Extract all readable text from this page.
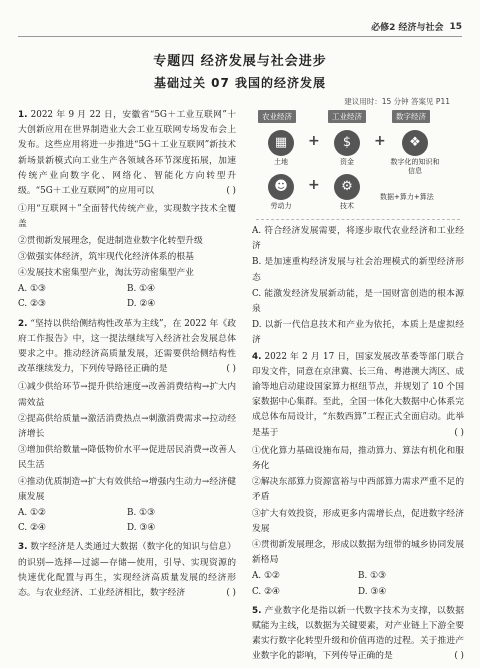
必修2 经济与社会 15
专题四 经济发展与社会进步
基础过关 07 我国的经济发展
建议用时：15 分钟 答案见 P11
1. 2022 年 9 月 22 日，安徽省“5G＋工业互联网”十大创新应用在世界制造业大会工业互联网专场发布会上发布。这些应用将进一步推进“5G＋工业互联网”新技术新场景新模式向工业生产各领域各环节深度拓展，加速传统产业向数字化、网络化、智能化方向转型升级。“5G＋工业互联网”的应用可以	( )
①用“互联网＋”全面替代传统产业，实现数字技术全覆盖
②贯彻新发展理念，促进制造业数字化转型升级
③做强实体经济，筑牢现代化经济体系的根基
④发展技术密集型产业，淘汰劳动密集型产业
A. ①③	B. ①④
C. ②③	D. ②④
2. “坚持以供给侧结构性改革为主线”，在 2022 年《政府工作报告》中，这一提法继续写入经济社会发展总体要求之中。推动经济高质量发展，还需要供给侧结构性改革继续发力，下列传导路径正确的是	( )
①减少供给环节→提升供给速度→改善消费结构→扩大内需效益
②提高供给质量→激活消费热点→刺激消费需求→拉动经济增长
③增加供给数量→降低物价水平→促进居民消费→改善人民生活
④推动优质制造→扩大有效供给→增强内生动力→经济健康发展
A. ①②	B. ①③
C. ②④	D. ③④
3. 数字经济是人类通过大数据（数字化的知识与信息）的识别—选择—过滤—存储—使用，引导、实现资源的快速优化配置与再生，实现经济高质量发展的经济形态。与农业经济、工业经济相比，数字经济	( )
农业经济	工业经济	数字经济
▦
土地
+	$
资金
+	❖
数字化的知识和信息
☻
劳动力
+	⚙
技术
数据+算力+算法
A. 符合经济发展需要，将逐步取代农业经济和工业经济
B. 是加速重构经济发展与社会治理模式的新型经济形态
C. 能激发经济发展新动能，是一国财富创造的根本源泉
D. 以新一代信息技术和产业为依托，本质上是虚拟经济
4. 2022 年 2 月 17 日，国家发展改革委等部门联合印发文件，同意在京津冀、长三角、粤港澳大湾区、成渝等地启动建设国家算力枢纽节点，并规划了 10 个国家数据中心集群。至此，全国一体化大数据中心体系完成总体布局设计，“东数西算”工程正式全面启动。此举是基于	( )
①优化算力基础设施布局，推动算力、算法有机化和服务化
②解决东部算力资源富裕与中西部算力需求严重不足的矛盾
③扩大有效投资，形成更多内需增长点，促进数字经济发展
④贯彻新发展理念，形成以数据为纽带的城乡协同发展新格局
A. ①②	B. ①③
C. ②④	D. ③④
5. 产业数字化是指以新一代数字技术为支撑，以数据赋能为主线，以数据为关键要素，对产业链上下游全要素实行数字化转型升级和价值再造的过程。关于推进产业数字化的影响，下列传导正确的是	( )
